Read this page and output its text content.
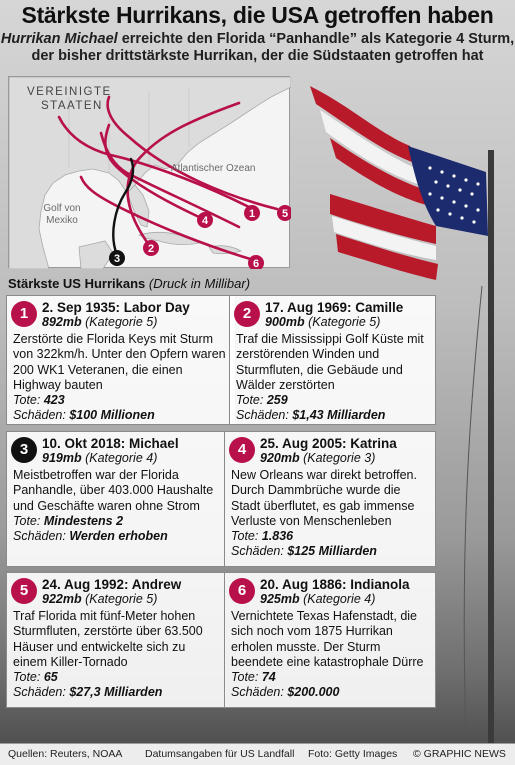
Stärkste Hurrikans, die USA getroffen haben
Hurrikan Michael erreichte den Florida “Panhandle” als Kategorie 4 Sturm,
der bisher drittstärkste Hurrikan, der die Südstaaten getroffen hat
1
2
3
4
5
6
VEREINIGTE
STAATEN
Atlantischer Ozean
Golf von Mexiko
Stärkste US Hurrikans (Druck in Millibar)
1	2. Sep 1935: Labor Day
892mb (Kategorie 5)
Zerstörte die Florida Keys mit Sturm von 322km/h. Unter den Opfern waren 200 WK1 Veteranen, die einen Highway bauten
Tote: 423
Schäden: $100 Millionen
2	17. Aug 1969: Camille
900mb (Kategorie 5)
Traf die Mississippi Golf Küste mit zerstörenden Winden und Sturmfluten, die Gebäude und Wälder zerstörten
Tote: 259
Schäden: $1,43 Milliarden
3	10. Okt 2018: Michael
919mb (Kategorie 4)
Meistbetroffen war der Florida Panhandle, über 403.000 Haushalte und Geschäfte waren ohne Strom
Tote: Mindestens 2
Schäden: Werden erhoben
4	25. Aug 2005: Katrina
920mb (Kategorie 3)
New Orleans war direkt betroffen. Durch Dammbrüche wurde die Stadt überflutet, es gab immense Verluste von Menschenleben
Tote: 1.836
Schäden: $125 Milliarden
5	24. Aug 1992: Andrew
922mb (Kategorie 5)
Traf Florida mit fünf-Meter hohen Sturmfluten, zerstörte über 63.500 Häuser und entwickelte sich zu einem Killer-Tornado
Tote: 65
Schäden: $27,3 Milliarden
6	20. Aug 1886: Indianola
925mb (Kategorie 4)
Vernichtete Texas Hafenstadt, die sich noch vom 1875 Hurrikan erholen musste. Der Sturm beendete eine katastrophale Dürre
Tote: 74
Schäden: $200.000
Quellen: Reuters, NOAA Datumsangaben für US Landfall Foto: Getty Images © GRAPHIC NEWS
